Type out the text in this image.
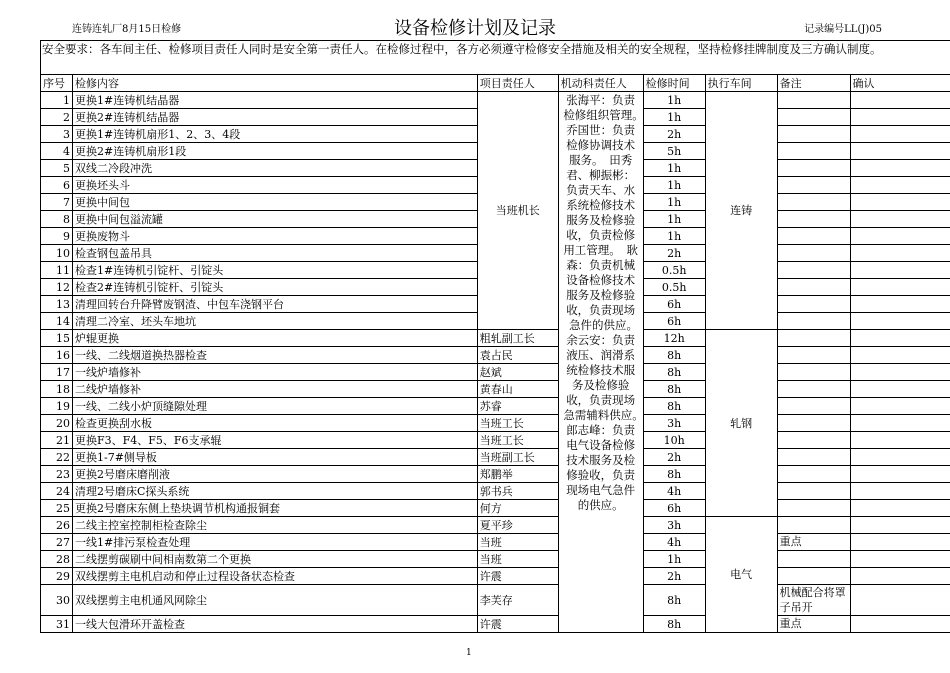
连铸连轧厂8月15日检修	设备检修计划及记录	记录编号LL(J)05
安全要求：各车间主任、检修项目责任人同时是安全第一责任人。在检修过程中，各方必须遵守检修安全措施及相关的安全规程，坚持检修挂牌制度及三方确认制度。
序号	检修内容	项目责任人	机动科责任人	检修时间	执行车间	备注	确认
1	更换1#连铸机结晶器	当班机长	张海平：负责检修组织管理。　乔国世：负责检修协调技术服务。　田秀君、柳振彬：负责天车、水系统检修技术服务及检修验收，负责检修用工管理。　耿森：负责机械设备检修技术服务及检修验收，负责现场急件的供应。　余云安：负责液压、润滑系统检修技术服务及检修验收，负责现场急需辅料供应。　郎志峰：负责电气设备检修技术服务及检修验收，负责现场电气急件的供应。	1h	连铸		
2	更换2#连铸机结晶器			1h			
3	更换1#连铸机扇形1、2、3、4段			2h			
4	更换2#连铸机扇形1段			5h			
5	双线二冷段冲洗			1h			
6	更换坯头斗			1h			
7	更换中间包			1h			
8	更换中间包溢流罐			1h			
9	更换废物斗			1h			
10	检查钢包盖吊具			2h			
11	检查1#连铸机引锭杆、引锭头			0.5h			
12	检查2#连铸机引锭杆、引锭头			0.5h			
13	清理回转台升降臂废钢渣、中包车浇钢平台			6h			
14	清理二冷室、坯头车地坑			6h			
15	炉辊更换	粗轧副工长		12h	轧钢		
16	一线、二线烟道换热器检查	袁占民		8h			
17	一线炉墙修补	赵斌		8h			
18	二线炉墙修补	黄春山		8h			
19	一线、二线小炉顶缝隙处理	苏睿		8h			
20	检查更换刮水板	当班工长		3h			
21	更换F3、F4、F5、F6支承辊	当班工长		10h			
22	更换1-7#侧导板	当班副工长		2h			
23	更换2号磨床磨削液	郑鹏举		8h			
24	清理2号磨床C探头系统	郭书兵		4h			
25	更换2号磨床东侧上垫块调节机构通报铜套	何方		6h			
26	二线主控室控制柜检查除尘	夏平珍		3h	电气		
27	一线1#排污泵检查处理	当班		4h		重点	
28	二线摆剪碳刷中间相南数第二个更换	当班		1h			
29	双线摆剪主电机启动和停止过程设备状态检查	许震		2h			
30	双线摆剪主电机通风网除尘	李芙存		8h		机械配合将罩子吊开	
31	一线大包滑环开盖检查	许震		8h		重点	
1
